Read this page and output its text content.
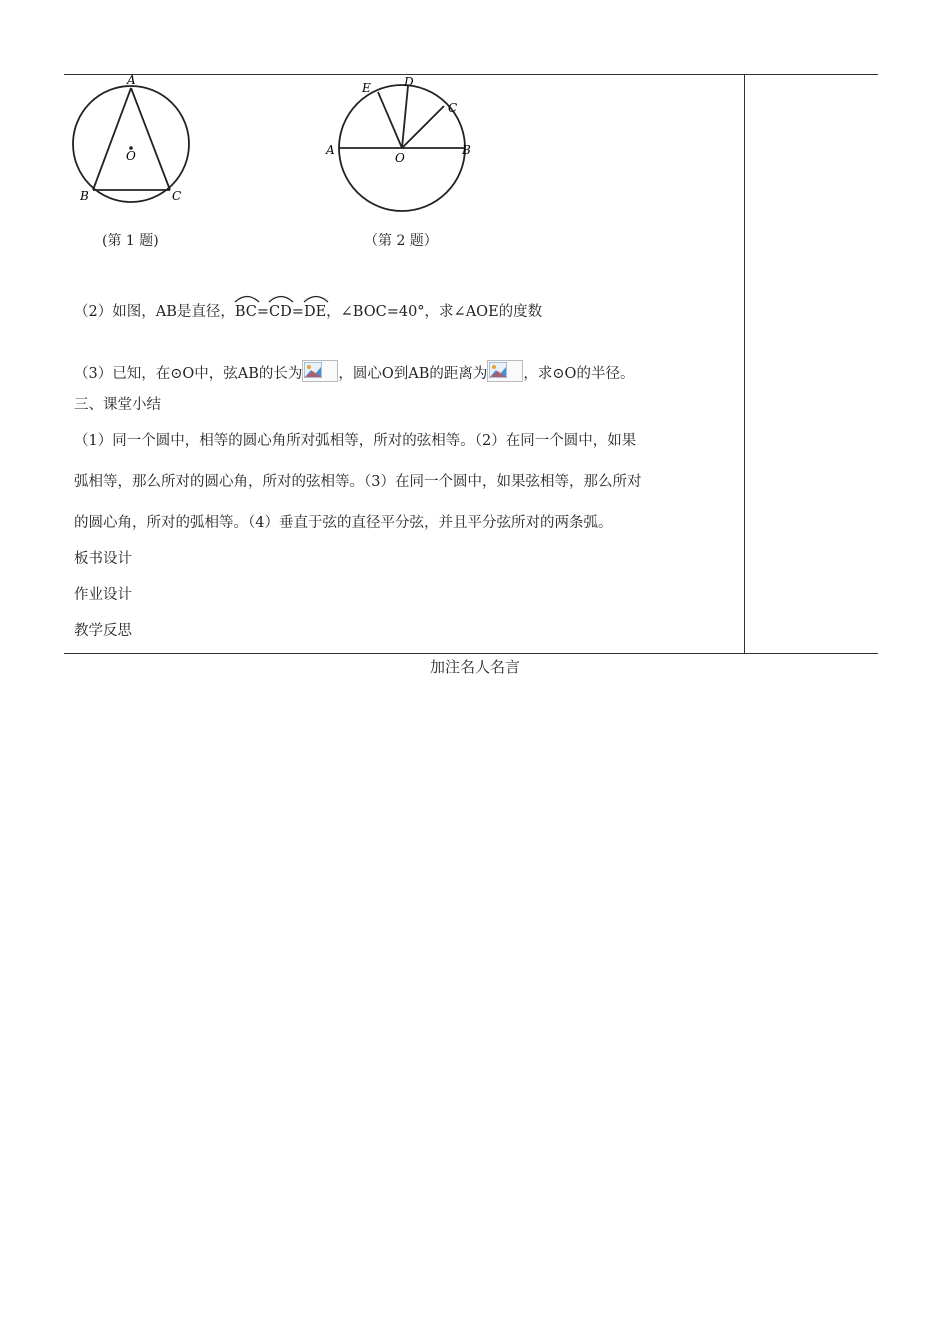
A
O
B	C
(第 1 题)
E	D
C
A
O
B
（第 2 题）
（2）如图，AB是直径，
BC=
CD=
DE，∠BOC=40°，求∠AOE的度数
（3）已知，在⊙O中，弦AB的长为 ，圆心O到AB的距离为 ，求⊙O的半径。
三、课堂小结
（1）同一个圆中，相等的圆心角所对弧相等，所对的弦相等。（2）在同一个圆中，如果
弧相等，那么所对的圆心角，所对的弦相等。（3）在同一个圆中，如果弦相等，那么所对
的圆心角，所对的弧相等。（4）垂直于弦的直径平分弦，并且平分弦所对的两条弧。
板书设计
作业设计
教学反思
加注名人名言
